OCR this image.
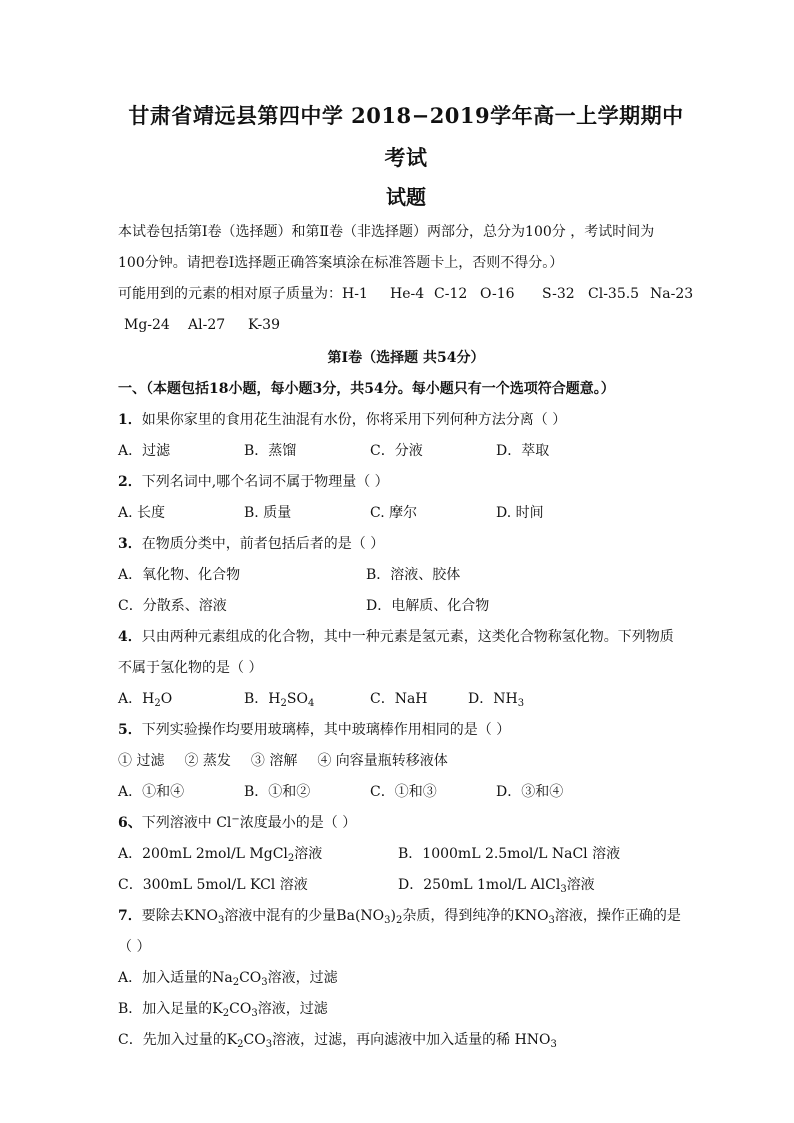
甘肃省靖远县第四中学 2018−2019学年高一上学期期中考试
试题

本试卷包括第Ⅰ卷（选择题）和第Ⅱ卷（非选择题）两部分，总分为100分 ，考试时间为

100分钟。请把卷Ⅰ选择题正确答案填涂在标准答题卡上，否则不得分。）

可能用到的元素的相对原子质量为：H-1 He-4 C-12 O-16 S-32 Cl-35.5 Na-23

Mg-24 Al-27 K-39

第Ⅰ卷（选择题 共54分）
一、（本题包括18小题，每小题3分，共54分。每小题只有一个选项符合题意。）

1．如果你家里的食用花生油混有水份，你将采用下列何种方法分离（ ）

A．过滤	B．蒸馏	C．分液	D．萃取

2．下列名词中,哪个名词不属于物理量（ ）

A. 长度	B. 质量	C. 摩尔	D. 时间

3．在物质分类中，前者包括后者的是（ ）

A．氧化物、化合物	B．溶液、胶体
C．分散系、溶液	D．电解质、化合物

4．只由两种元素组成的化合物，其中一种元素是氢元素，这类化合物称氢化物。下列物质

不属于氢化物的是（ ）

A．$H_2O$	B．$H_2SO_4$	C．NaH	D．$NH_3$

5．下列实验操作均要用玻璃棒，其中玻璃棒作用相同的是（ ）

① 过滤 ② 蒸发 ③ 溶解 ④ 向容量瓶转移液体
A．①和④	B．①和②	C．①和③	D．③和④

6、下列溶液中 Cl−浓度最小的是（ ）

A．200mL 2mol/L MgCl$_2$溶液	B．1000mL 2.5mol/L NaCl 溶液
C．300mL 5mol/L KCl 溶液	D．250mL 1mol/L AlCl$_3$溶液

7．要除去$KNO_3$溶液中混有的少量$Ba(NO_3)_2$杂质，得到纯净的$KNO_3$溶液，操作正确的是

（ ）

A．加入适量的$Na_2CO_3$溶液，过滤

B．加入足量的$K_2CO_3$溶液，过滤

C．先加入过量的$K_2CO_3$溶液，过滤，再向滤液中加入适量的稀 $HNO_3$
